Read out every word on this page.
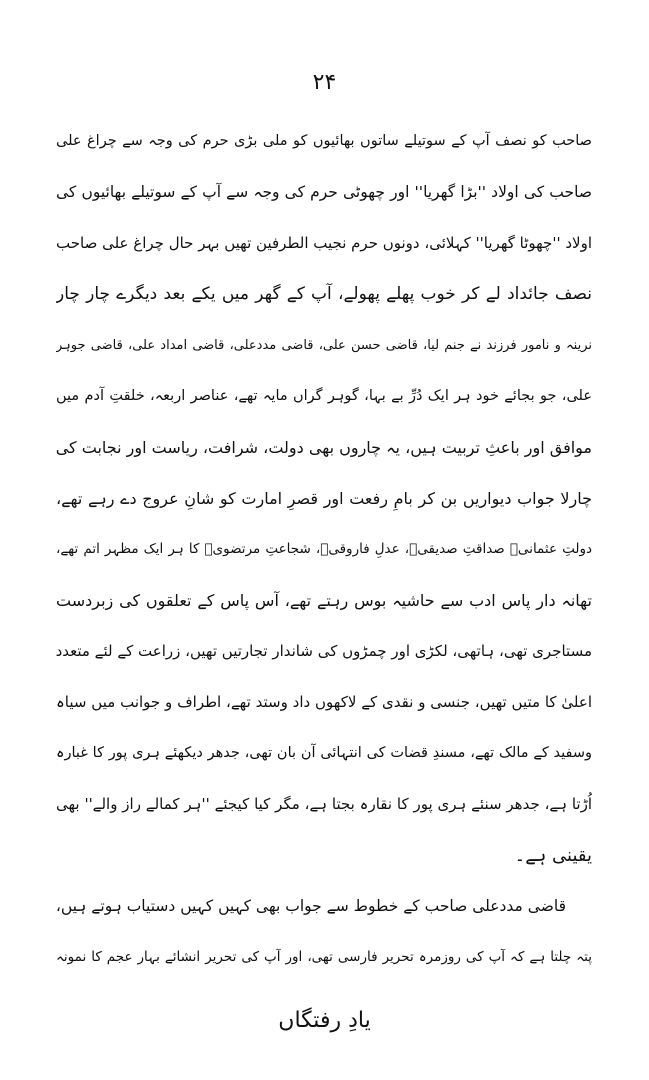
۲۴
صاحب کو نصف آپ کے سوتیلے ساتوں بھائیوں کو ملی بڑی حرم کی وجہ سے چراغ علی
صاحب کی اولاد ''بڑا گھریا'' اور چھوٹی حرم کی وجہ سے آپ کے سوتیلے بھائیوں کی
اولاد ''چھوٹا گھریا'' کہلائی، دونوں حرم نجیب الطرفین تھیں بہر حال چراغ علی صاحب
نصف جائداد لے کر خوب پھلے پھولے، آپ کے گھر میں یکے بعد دیگرے چار چار
نرینہ و نامور فرزند نے جنم لیا، قاضی حسن علی، قاضی مددعلی، قاضی امداد علی، قاضی جوہر
علی، جو بجائے خود ہر ایک دُرِّ بے بہا، گوہر گراں مایہ تھے، عناصر اربعہ، خلقتِ آدم میں
موافق اور باعثِ تربیت ہیں، یہ چاروں بھی دولت، شرافت، ریاست اور نجابت کی
چارلا جواب دیواریں بن کر بامِ رفعت اور قصرِ امارت کو شانِ عروج دے رہے تھے،
دولتِ عثمانیؓ صداقتِ صدیقیؓ، عدلِ فاروقیؓ، شجاعتِ مرتضویؓ کا ہر ایک مظہر اتم تھے،
تھانہ دار پاس ادب سے حاشیہ بوس رہتے تھے، آس پاس کے تعلقوں کی زبردست
مستاجری تھی، ہاتھی، لکڑی اور چمڑوں کی شاندار تجارتیں تھیں، زراعت کے لئے متعدد
اعلیٰ کا متیں تھیں، جنسی و نقدی کے لاکھوں داد وستد تھے، اطراف و جوانب میں سیاہ
وسفید کے مالک تھے، مسندِ قضات کی انتہائی آن بان تھی، جدھر دیکھئے ہری پور کا غبارہ
اُڑتا ہے، جدھر سنئے ہری پور کا نقارہ بجتا ہے، مگر کیا کیجئے ''ہر کمالے راز والے'' بھی
یقینی ہے۔
قاضی مددعلی صاحب کے خطوط سے جواب بھی کہیں کہیں دستیاب ہوتے ہیں،
پتہ چلتا ہے کہ آپ کی روزمرہ تحریر فارسی تھی، اور آپ کی تحریر انشائے بہار عجم کا نمونہ
یادِ رفتگاں
